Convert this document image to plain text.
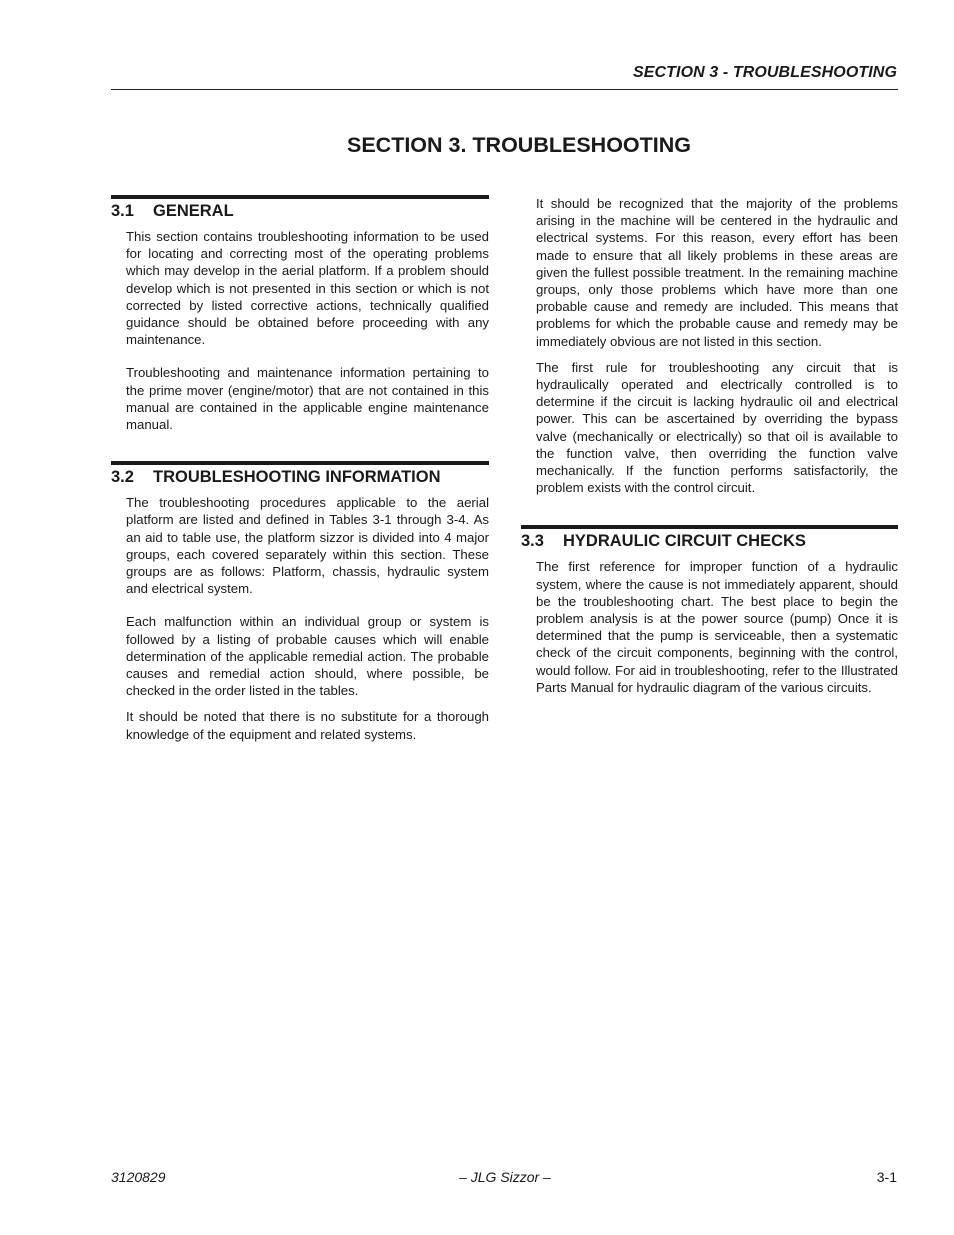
SECTION 3 - TROUBLESHOOTING
SECTION 3. TROUBLESHOOTING
3.1 GENERAL

This section contains troubleshooting information to be used for locating and correcting most of the operating problems which may develop in the aerial platform. If a problem should develop which is not presented in this section or which is not corrected by listed corrective actions, technically qualified guidance should be obtained before proceeding with any maintenance.

Troubleshooting and maintenance information pertaining to the prime mover (engine/motor) that are not contained in this manual are contained in the applicable engine maintenance manual.

3.2 TROUBLESHOOTING INFORMATION

The troubleshooting procedures applicable to the aerial platform are listed and defined in Tables 3-1 through 3-4. As an aid to table use, the platform sizzor is divided into 4 major groups, each covered separately within this section. These groups are as follows: Platform, chassis, hydraulic system and electrical system.

Each malfunction within an individual group or system is followed by a listing of probable causes which will enable determination of the applicable remedial action. The probable causes and remedial action should, where possible, be checked in the order listed in the tables.

It should be noted that there is no substitute for a thorough knowledge of the equipment and related systems.

It should be recognized that the majority of the problems arising in the machine will be centered in the hydraulic and electrical systems. For this reason, every effort has been made to ensure that all likely problems in these areas are given the fullest possible treatment. In the remaining machine groups, only those problems which have more than one probable cause and remedy are included. This means that problems for which the probable cause and remedy may be immediately obvious are not listed in this section.

The first rule for troubleshooting any circuit that is hydraulically operated and electrically controlled is to determine if the circuit is lacking hydraulic oil and electrical power. This can be ascertained by overriding the bypass valve (mechanically or electrically) so that oil is available to the function valve, then overriding the function valve mechanically. If the function performs satisfactorily, the problem exists with the control circuit.

3.3 HYDRAULIC CIRCUIT CHECKS

The first reference for improper function of a hydraulic system, where the cause is not immediately apparent, should be the troubleshooting chart. The best place to begin the problem analysis is at the power source (pump) Once it is determined that the pump is serviceable, then a systematic check of the circuit components, beginning with the control, would follow. For aid in troubleshooting, refer to the Illustrated Parts Manual for hydraulic diagram of the various circuits.

3120829	– JLG Sizzor –	3-1
